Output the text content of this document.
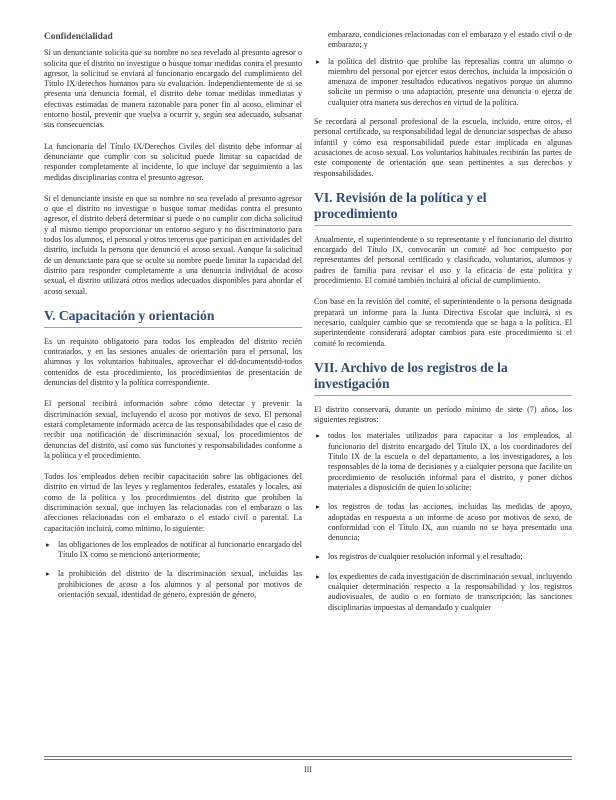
Confidencialidad

Si un denunciante solicita que su nombre no sea revelado al presunto agresor o solicita que el distrito no investigue o busque tomar medidas contra el presunto agresor, la solicitud se enviará al funcionario encargado del cumplimiento del Título IX/derechos humanos para su evaluación. Independientemente de si se presenta una denuncia formal, el distrito debe tomar medidas inmediatas y efectivas estimadas de manera razonable para poner fin al acoso, eliminar el entorno hostil, prevenir que vuelva a ocurrir y, según sea adecuado, subsanar sus consecuencias.

La funcionaria del Título IX/Derechos Civiles del distrito debe informar al denunciante que cumplir con su solicitud puede limitar su capacidad de responder completamente al incidente, lo que incluye dar seguimiento a las medidas disciplinarias contra el presunto agresor.

Si el denunciante insiste en que su nombre no sea revelado al presunto agresor o que el distrito no investigue o busque tomar medidas contra el presunto agresor, el distrito deberá determinar si puede o no cumplir con dicha solicitud y al mismo tiempo proporcionar un entorno seguro y no discriminatorio para todos los alumnos, el personal y otros terceros que participan en actividades del distrito, incluida la persona que denunció el acoso sexual. Aunque la solicitud de un denunciante para que se oculte su nombre puede limitar la capacidad del distrito para responder completamente a una denuncia individual de acoso sexual, el distrito utilizará otros medios adecuados disponibles para abordar el acoso sexual.

V. Capacitación y orientación

Es un requisito obligatorio para todos los empleados del distrito recién contratados, y en las sesiones anuales de orientación para el personal, los alumnos y los voluntarios habituales, aprovechar el dd-documentsdd-todos contenidos de esta procedimiento, los procedimientos de presentación de denuncias del distrito y la política correspondiente.

El personal recibirá información sobre cómo detectar y prevenir la discriminación sexual, incluyendo el acoso por motivos de sexo. El personal estará completamente informado acerca de las responsabilidades que el caso de recibir una notificación de discriminación sexual, los procedimientos de denuncias del distrito, así como sus funciones y responsabilidades conforme a la política y el procedimiento.

Todos los empleados deben recibir capacitación sobre las obligaciones del distrito en virtud de las leyes y reglamentos federales, estatales y locales, así como de la política y los procedimientos del distrito que prohíben la discriminación sexual, que incluyen las relacionadas con el embarazo o las afecciones relacionadas con el embarazo o el estado civil o parental. La capacitación incluirá, como mínimo, lo siguiente:

▸ las obligaciones de los empleados de notificar al funcionario encargado del Título IX como se mencionó anteriormente;
▸ la prohibición del distrito de la discriminación sexual, incluidas las prohibiciones de acoso a los alumnos y al personal por motivos de orientación sexual, identidad de género, expresión de género,

embarazo, condiciones relacionadas con el embarazo y el estado civil o de embarazo; y

▸ la política del distrito que prohíbe las represalias contra un alumno o miembro del personal por ejercer estos derechos, incluida la imposición o amenaza de imponer resultados educativos negativos porque un alumno solicite un permiso o una adaptación, presente una denuncia o ejerza de cualquier otra manera sus derechos en virtud de la política.

Se recordará al personal profesional de la escuela, incluido, entre otros, el personal certificado, su responsabilidad legal de denunciar sospechas de abuso infantil y cómo esa responsabilidad puede estar implicada en algunas acusaciones de acoso sexual. Los voluntarios habituales recibirán las partes de este componente de orientación que sean pertinentes a sus derechos y responsabilidades.

VI. Revisión de la política y el procedimiento

Anualmente, el superintendente o su representante y el funcionario del distrito encargado del Título IX, convocarán un comité ad hoc compuesto por representantes del personal certificado y clasificado, voluntarios, alumnos y padres de familia para revisar el uso y la eficacia de esta política y procedimiento. El comité también incluirá al oficial de cumplimiento.

Con base en la revisión del comité, el superintendente o la persona designada preparará un informe para la Junta Directiva Escolar que incluirá, si es necesario, cualquier cambio que se recomienda que se haga a la política. El superintendente considerará adoptar cambios para este procedimiento si el comité lo recomienda.

VII. Archivo de los registros de la investigación

El distrito conservará, durante un período mínimo de siete (7) años, los siguientes registros:

▸ todos los materiales utilizados para capacitar a los empleados, al funcionario del distrito encargado del Título IX, a los coordinadores del Título IX de la escuela o del departamento, a los investigadores, a los responsables de la toma de decisiones y a cualquier persona que facilite un procedimiento de resolución informal para el distrito, y poner dichos materiales a disposición de quien lo solicite;
▸ los registros de todas las acciones, incluidas las medidas de apoyo, adoptadas en respuesta a un informe de acoso por motivos de sexo, de conformidad con el Título IX, aun cuando no se haya presentado una denuncia;
▸ los registros de cualquier resolución informal y el resultado;
▸ los expedientes de cada investigación de discriminación sexual, incluyendo cualquier determinación respecto a la responsabilidad y los registros audiovisuales, de audio o en formato de transcripción; las sanciones disciplinarias impuestas al demandado y cualquier
III
